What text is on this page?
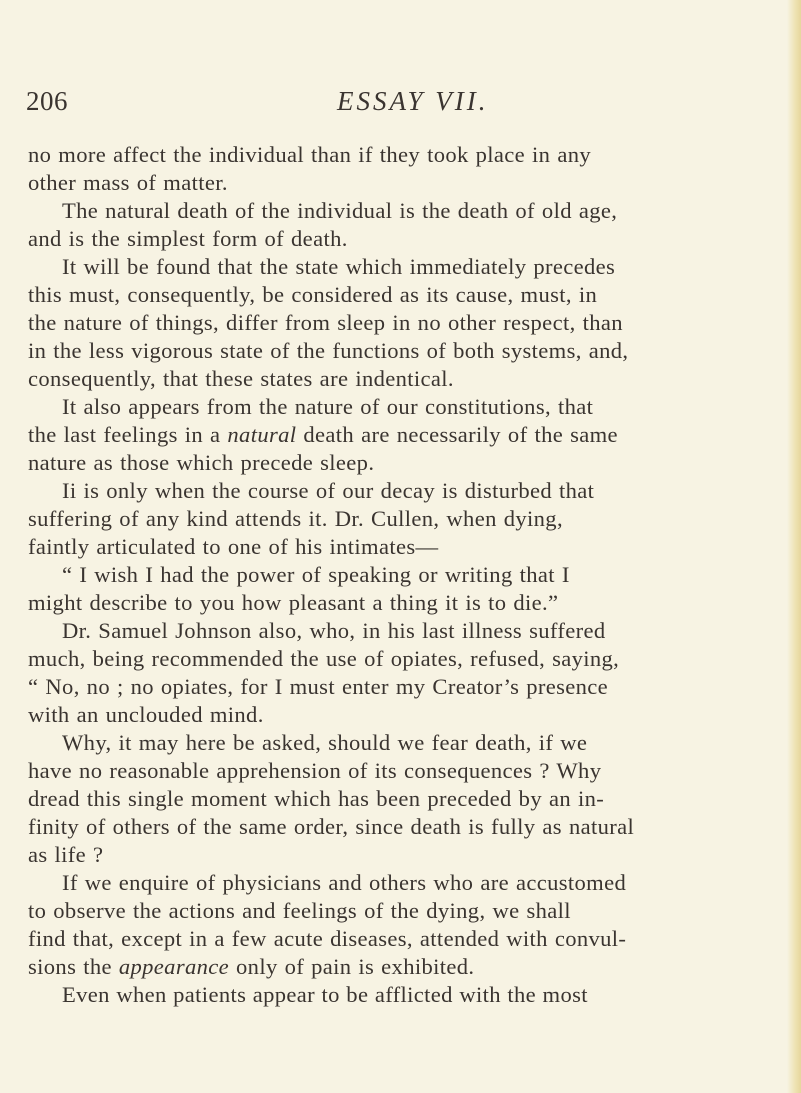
206	ESSAY VII.

no more affect the individual than if they took place in any

other mass of matter.

The natural death of the individual is the death of old age,

and is the simplest form of death.

It will be found that the state which immediately precedes

this must, consequently, be considered as its cause, must, in

the nature of things, differ from sleep in no other respect, than

in the less vigorous state of the functions of both systems, and,

consequently, that these states are indentical.

It also appears from the nature of our constitutions, that

the last feelings in a natural death are necessarily of the same

nature as those which precede sleep.

Ii is only when the course of our decay is disturbed that

suffering of any kind attends it. Dr. Cullen, when dying,

faintly articulated to one of his intimates—

“ I wish I had the power of speaking or writing that I

might describe to you how pleasant a thing it is to die.”

Dr. Samuel Johnson also, who, in his last illness suffered

much, being recommended the use of opiates, refused, saying,

“ No, no ; no opiates, for I must enter my Creator’s presence

with an unclouded mind.

Why, it may here be asked, should we fear death, if we

have no reasonable apprehension of its consequences ? Why

dread this single moment which has been preceded by an in-

finity of others of the same order, since death is fully as natural

as life ?

If we enquire of physicians and others who are accustomed

to observe the actions and feelings of the dying, we shall

find that, except in a few acute diseases, attended with convul-

sions the appearance only of pain is exhibited.

Even when patients appear to be afflicted with the most
